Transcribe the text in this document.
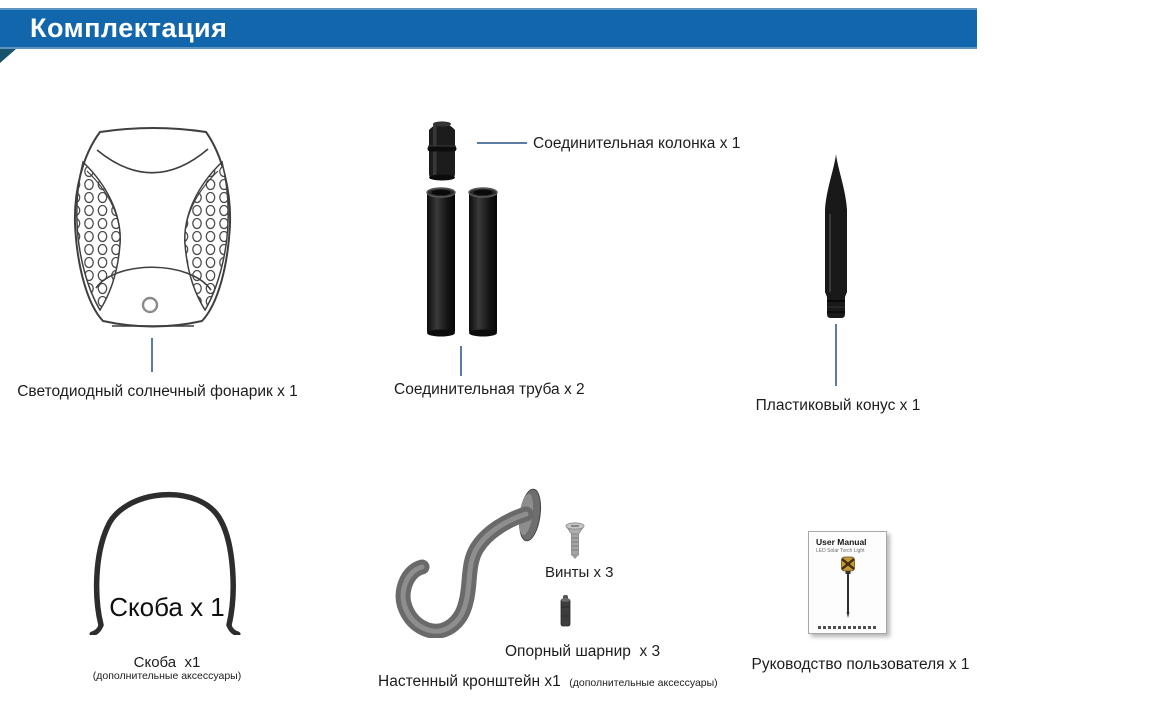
Комплектация
Светодиодный солнечный фонарик x 1
Соединительная колонка x 1
Соединительная труба x 2
Пластиковый конус x 1
Скоба x 1
Скоба  x1
(дополнительные аксессуары)
Винты x 3
Опорный шарнир  x 3
Настенный кронштейн x1 (дополнительные аксессуары)
User Manual
LED Solar Torch Light
Руководство пользователя x 1
